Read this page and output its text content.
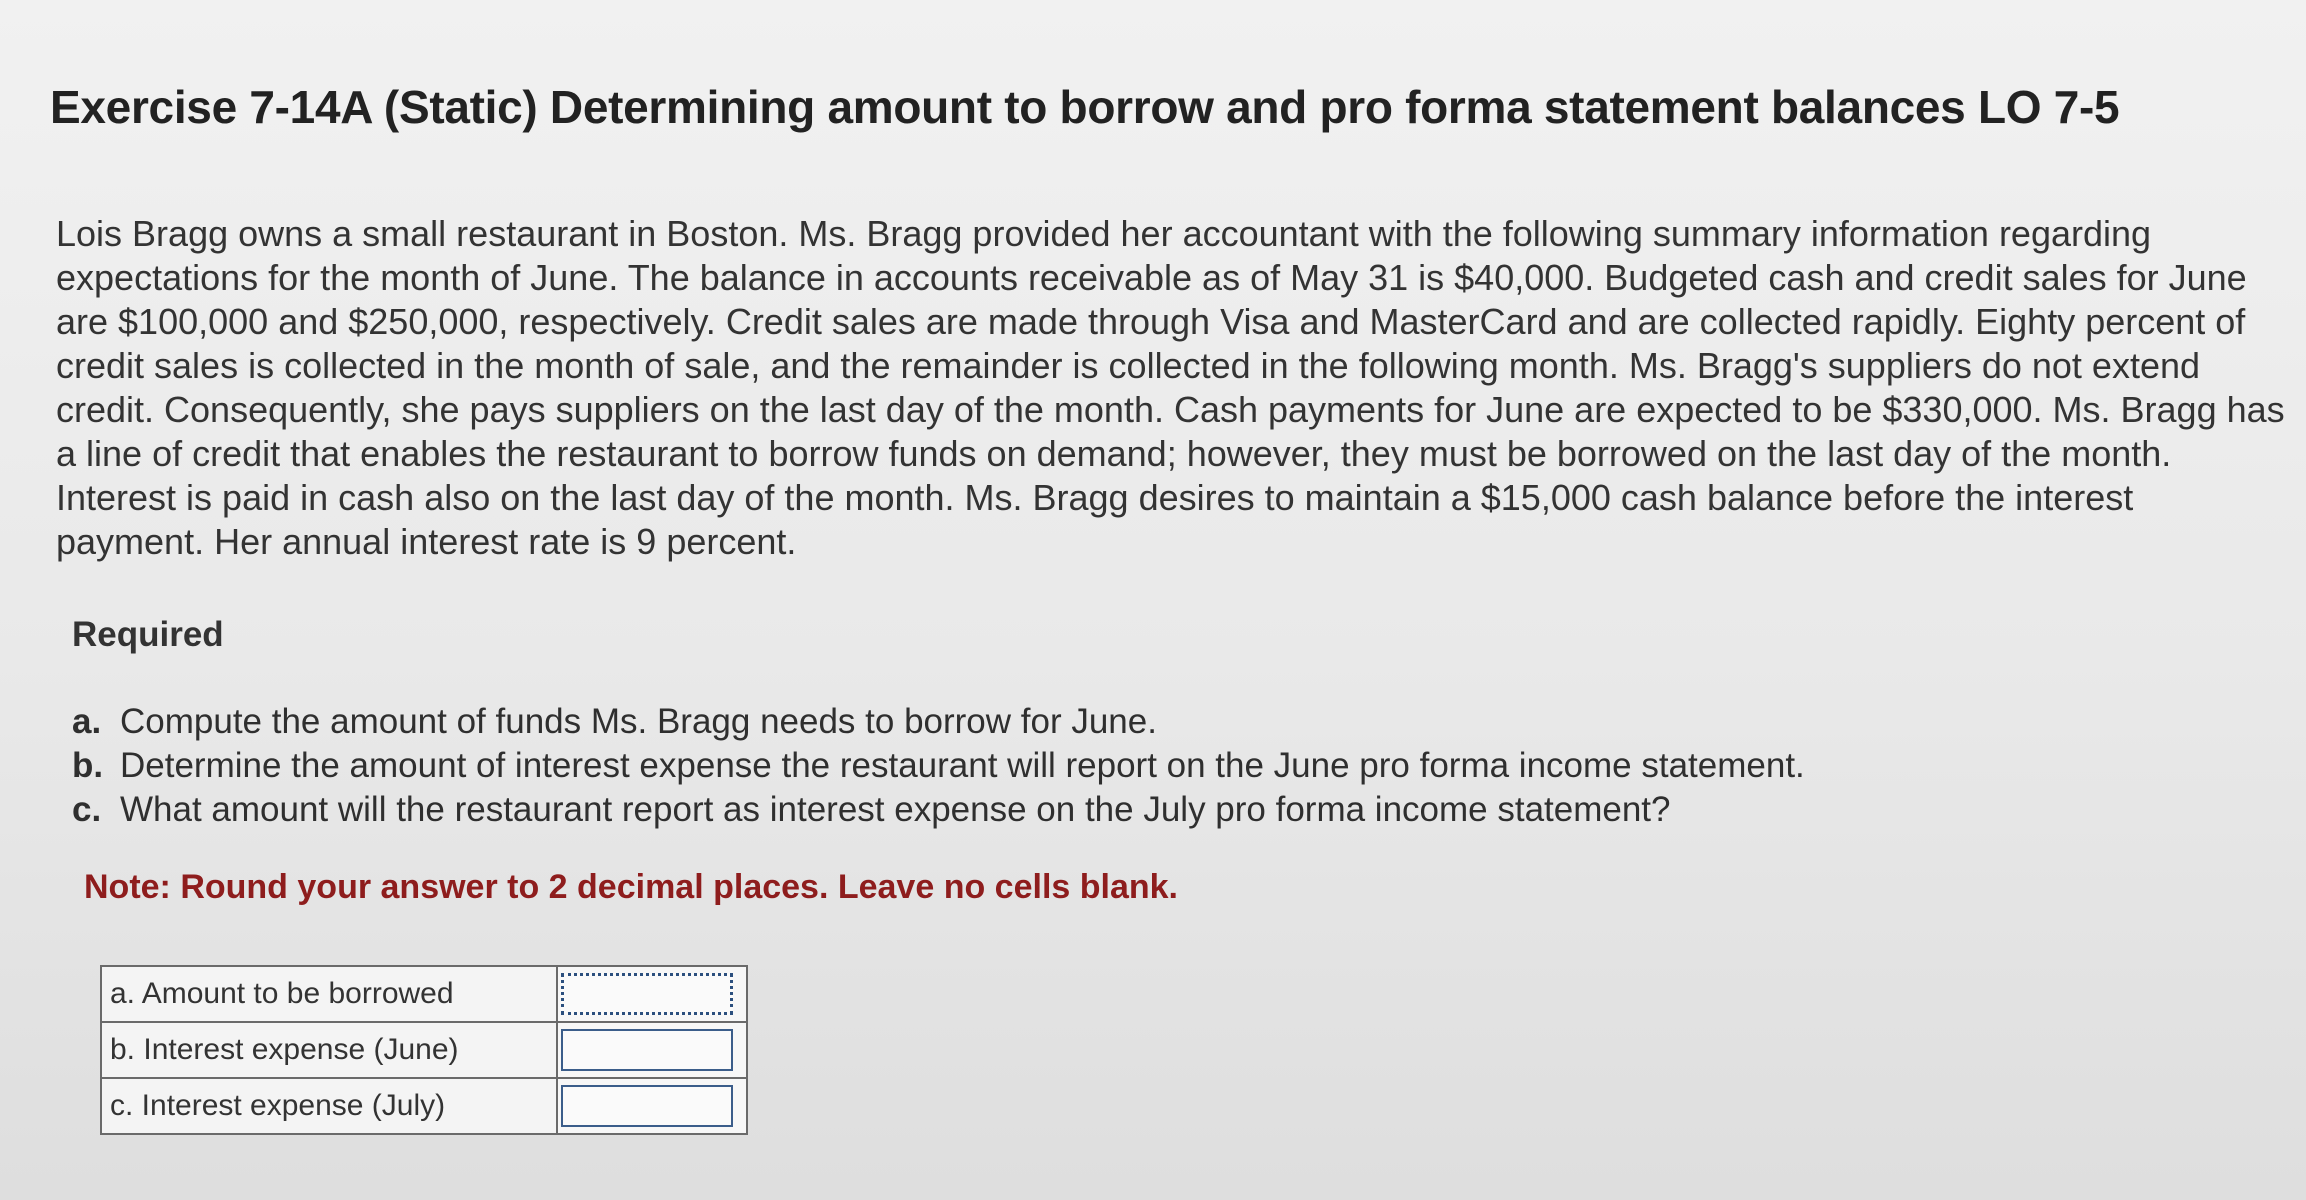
Exercise 7-14A (Static) Determining amount to borrow and pro forma statement balances LO 7-5

Lois Bragg owns a small restaurant in Boston. Ms. Bragg provided her accountant with the following summary information regarding expectations for the month of June. The balance in accounts receivable as of May 31 is $40,000. Budgeted cash and credit sales for June are $100,000 and $250,000, respectively. Credit sales are made through Visa and MasterCard and are collected rapidly. Eighty percent of credit sales is collected in the month of sale, and the remainder is collected in the following month. Ms. Bragg's suppliers do not extend credit. Consequently, she pays suppliers on the last day of the month. Cash payments for June are expected to be $330,000. Ms. Bragg has a line of credit that enables the restaurant to borrow funds on demand; however, they must be borrowed on the last day of the month. Interest is paid in cash also on the last day of the month. Ms. Bragg desires to maintain a $15,000 cash balance before the interest payment. Her annual interest rate is 9 percent.

Required
a. Compute the amount of funds Ms. Bragg needs to borrow for June.
b. Determine the amount of interest expense the restaurant will report on the June pro forma income statement.
c. What amount will the restaurant report as interest expense on the July pro forma income statement?
Note: Round your answer to 2 decimal places. Leave no cells blank.
a. Amount to be borrowed	
b. Interest expense (June)	
c. Interest expense (July)	
